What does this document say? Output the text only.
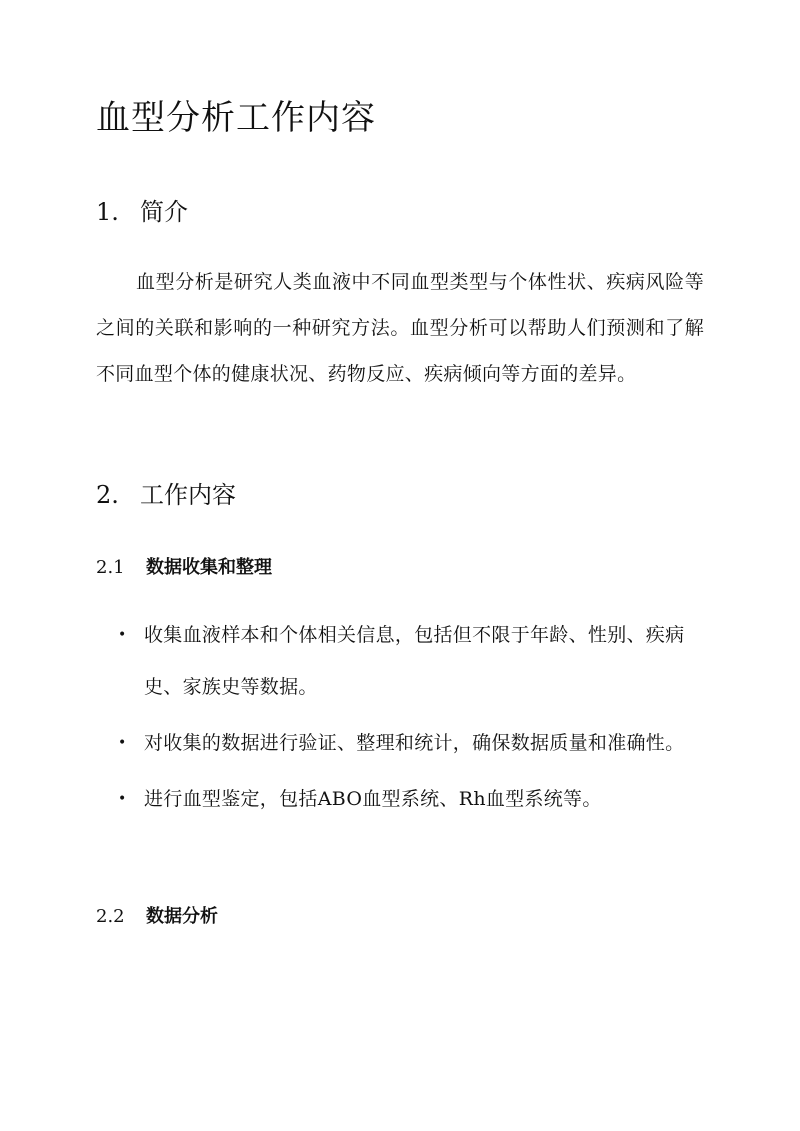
血型分析工作内容
1. 简介

血型分析是研究人类血液中不同血型类型与个体性状、疾病风险等之间的关联和影响的一种研究方法。血型分析可以帮助人们预测和了解不同血型个体的健康状况、药物反应、疾病倾向等方面的差异。

2. 工作内容
2.1 数据收集和整理
• 收集血液样本和个体相关信息，包括但不限于年龄、性别、疾病史、家族史等数据。
• 对收集的数据进行验证、整理和统计，确保数据质量和准确性。
• 进行血型鉴定，包括ABO血型系统、Rh血型系统等。
2.2 数据分析
